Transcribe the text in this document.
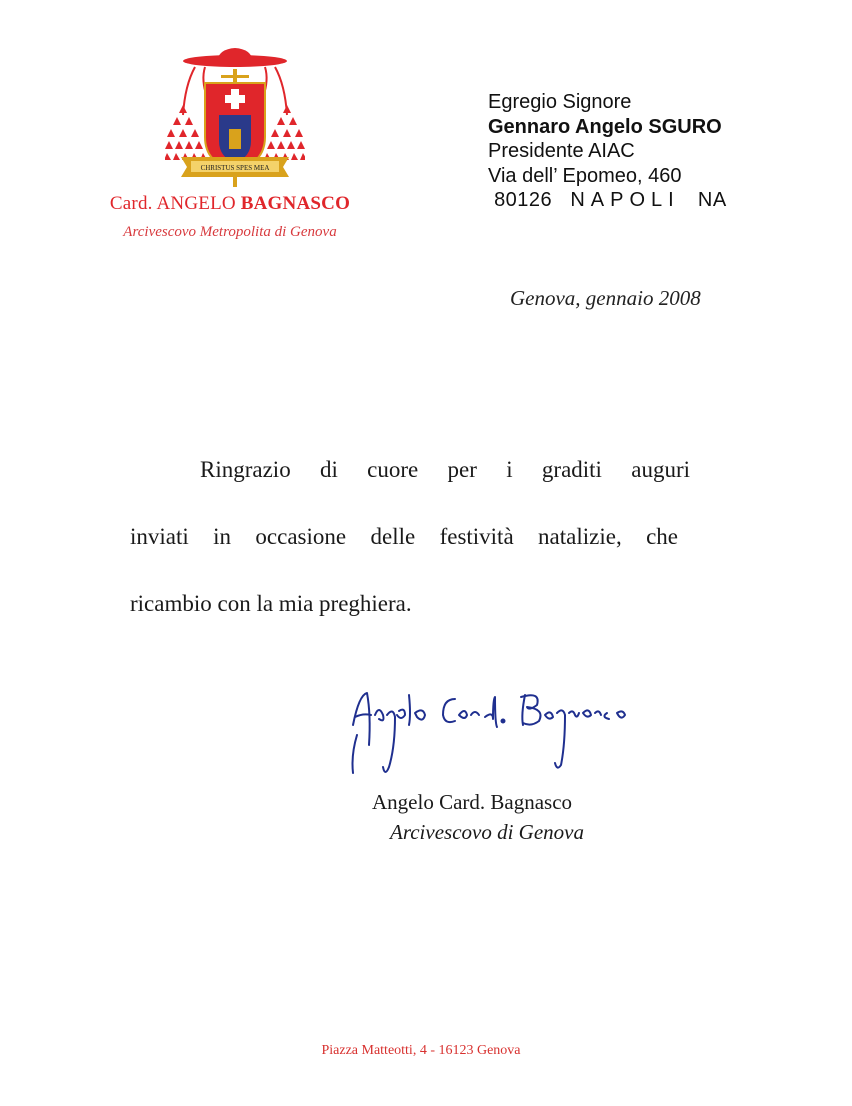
CHRISTUS SPES MEA
Card. ANGELO BAGNASCO
Arcivescovo Metropolita di Genova
Egregio Signore
Gennaro Angelo SGURO
Presidente AIAC
Via dell’ Epomeo, 460
80126 NAPOLI NA
Genova, gennaio 2008
Ringrazio di cuore per i graditi auguri
inviati in occasione delle festività natalizie, che
ricambio con la mia preghiera.
Angelo Card. Bagnasco
Arcivescovo di Genova
Piazza Matteotti, 4 - 16123 Genova
